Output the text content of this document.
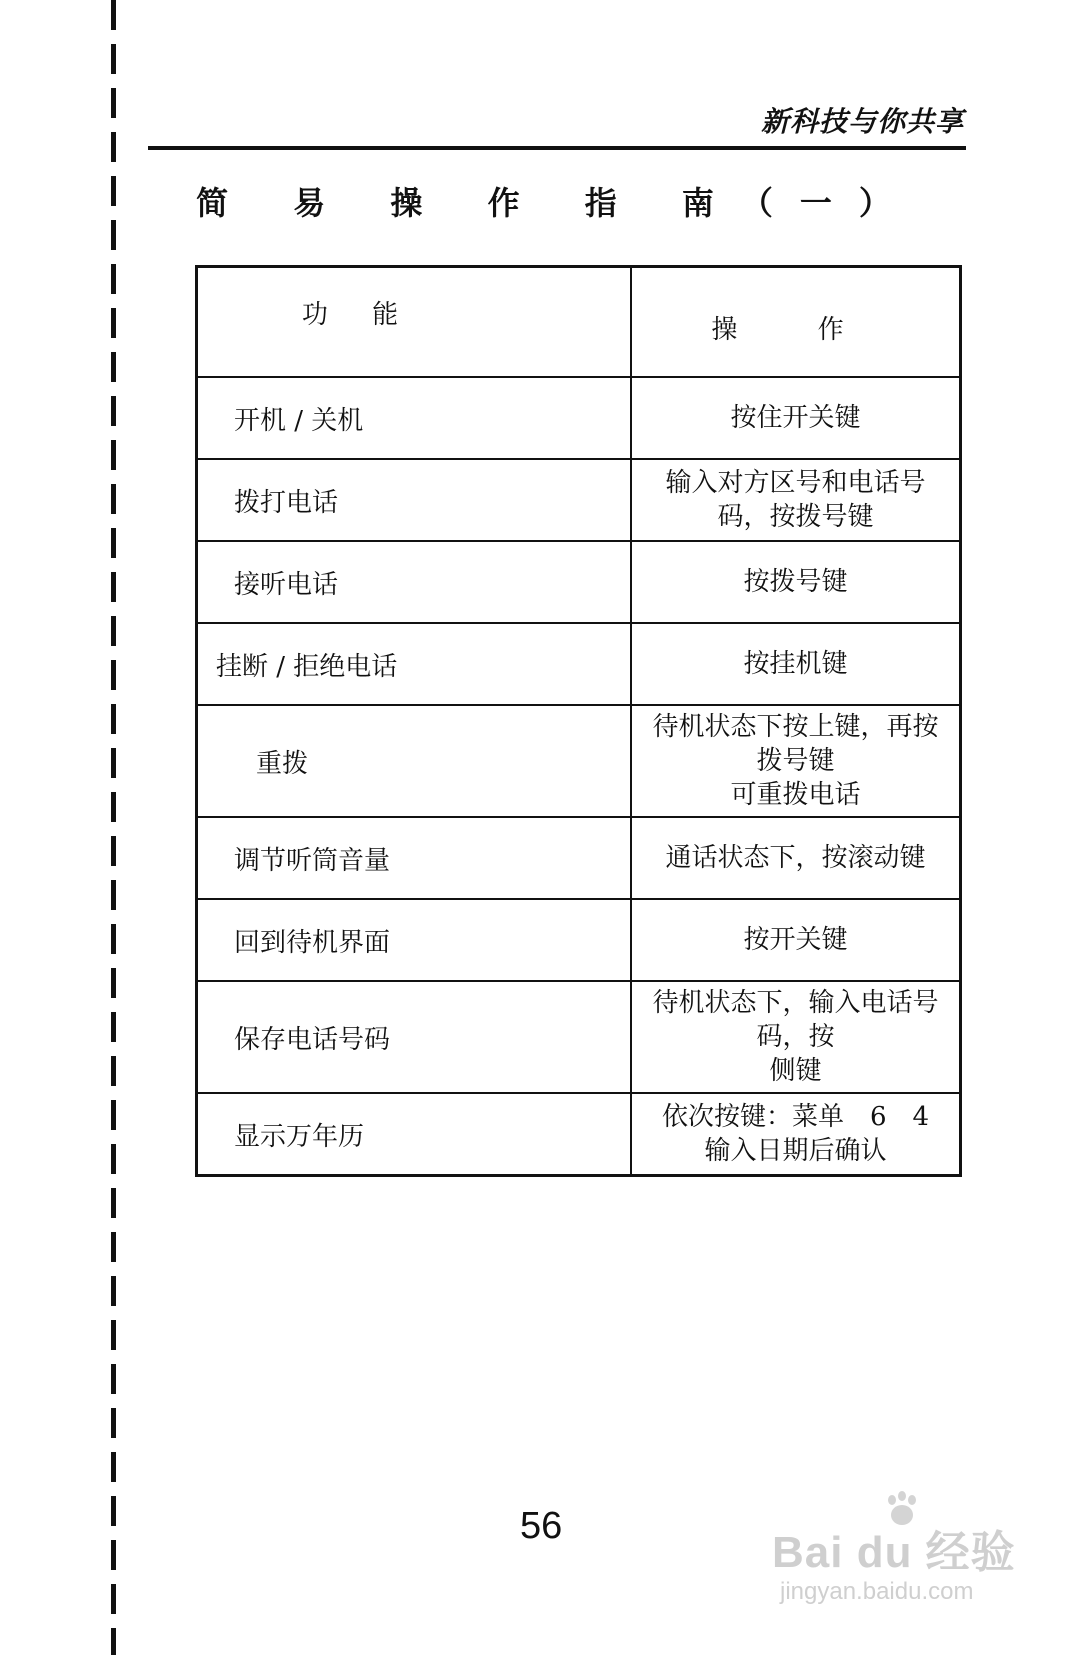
新科技与你共享
简 易 操 作 指 南（一）
功 能	操 作
开机 / 关机	按住开关键

拨打电话	输入对方区号和电话号
码，按拨号键

接听电话	按拨号键

挂断 / 拒绝电话	按挂机键

重拨	待机状态下按上键，再按拨号键
可重拨电话

调节听筒音量	通话状态下，按滚动键

回到待机界面	按开关键

保存电话号码	待机状态下，输入电话号码，按
侧键

显示万年历	依次按键：菜单　6　4
输入日期后确认
56
Bai du 经验
jingyan.baidu.com
